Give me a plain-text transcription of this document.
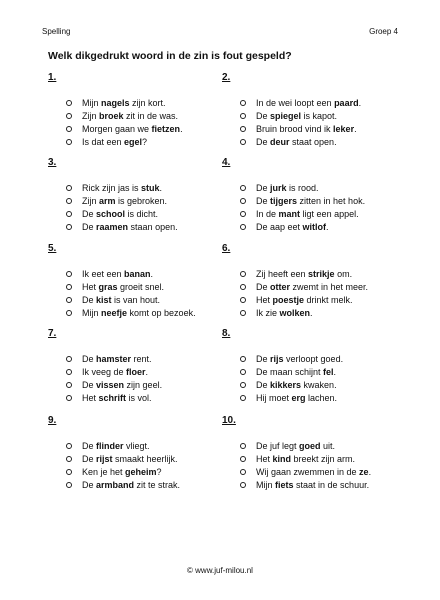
Spelling	Groep 4
Welk dikgedrukt woord in de zin is fout gespeld?
1.
Mijn nagels zijn kort.
Zijn broek zit in de was.
Morgen gaan we fietzen .
Is dat een egel ?
2.
In de wei loopt een paard .
De spiegel is kapot.
Bruin brood vind ik leker .
De deur staat open.
3.
Rick zijn jas is stuk .
Zijn arm is gebroken.
De school is dicht.
De raamen staan open.
4.
De jurk is rood.
De tijgers zitten in het hok.
In de mant ligt een appel.
De aap eet witlof .
5.
Ik eet een banan .
Het gras groeit snel.
De kist is van hout.
Mijn neefje komt op bezoek.
6.
Zij heeft een strikje om.
De otter zwemt in het meer.
Het poestje drinkt melk.
Ik zie wolken .
7.
De hamster rent.
Ik veeg de floer .
De vissen zijn geel.
Het schrift is vol.
8.
De rijs verloopt goed.
De maan schijnt fel .
De kikkers kwaken.
Hij moet erg lachen.
9.
De flinder vliegt.
De rijst smaakt heerlijk.
Ken je het geheim ?
De armband zit te strak.
10.
De juf legt goed uit.
Het kind breekt zijn arm.
Wij gaan zwemmen in de ze .
Mijn fiets staat in de schuur.
© www.juf-milou.nl
